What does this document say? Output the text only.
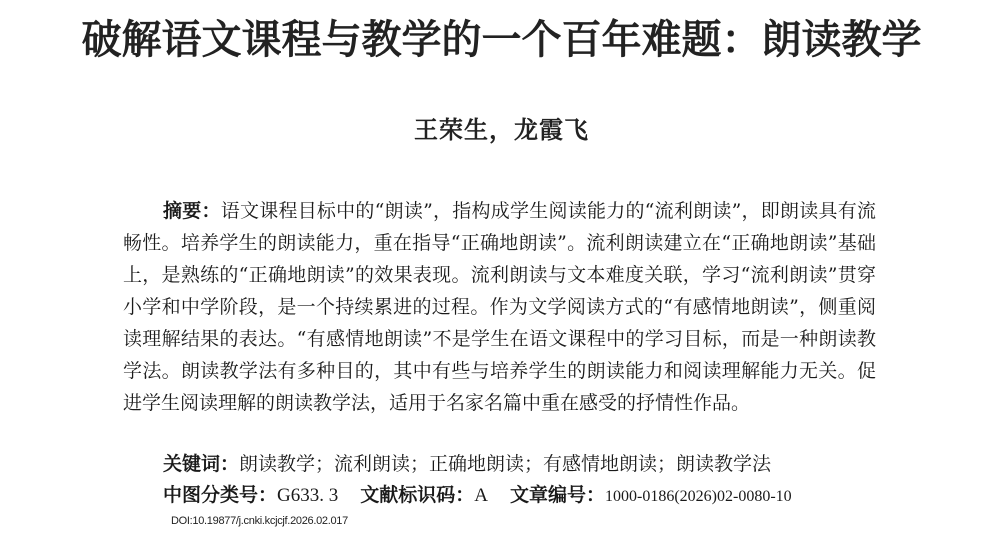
破解语文课程与教学的一个百年难题：朗读教学
王荣生，龙霞飞
摘要：语文课程目标中的“朗读”，指构成学生阅读能力的“流利朗读”，即朗读具有流畅性。培养学生的朗读能力，重在指导“正确地朗读”。流利朗读建立在“正确地朗读”基础上，是熟练的“正确地朗读”的效果表现。流利朗读与文本难度关联，学习“流利朗读”贯穿小学和中学阶段，是一个持续累进的过程。作为文学阅读方式的“有感情地朗读”，侧重阅读理解结果的表达。“有感情地朗读”不是学生在语文课程中的学习目标，而是一种朗读教学法。朗读教学法有多种目的，其中有些与培养学生的朗读能力和阅读理解能力无关。促进学生阅读理解的朗读教学法，适用于名家名篇中重在感受的抒情性作品。
关键词：朗读教学；流利朗读；正确地朗读；有感情地朗读；朗读教学法
中图分类号：G633. 3 文献标识码：A 文章编号：1000-0186(2026)02-0080-10
DOI:10.19877/j.cnki.kcjcjf.2026.02.017
